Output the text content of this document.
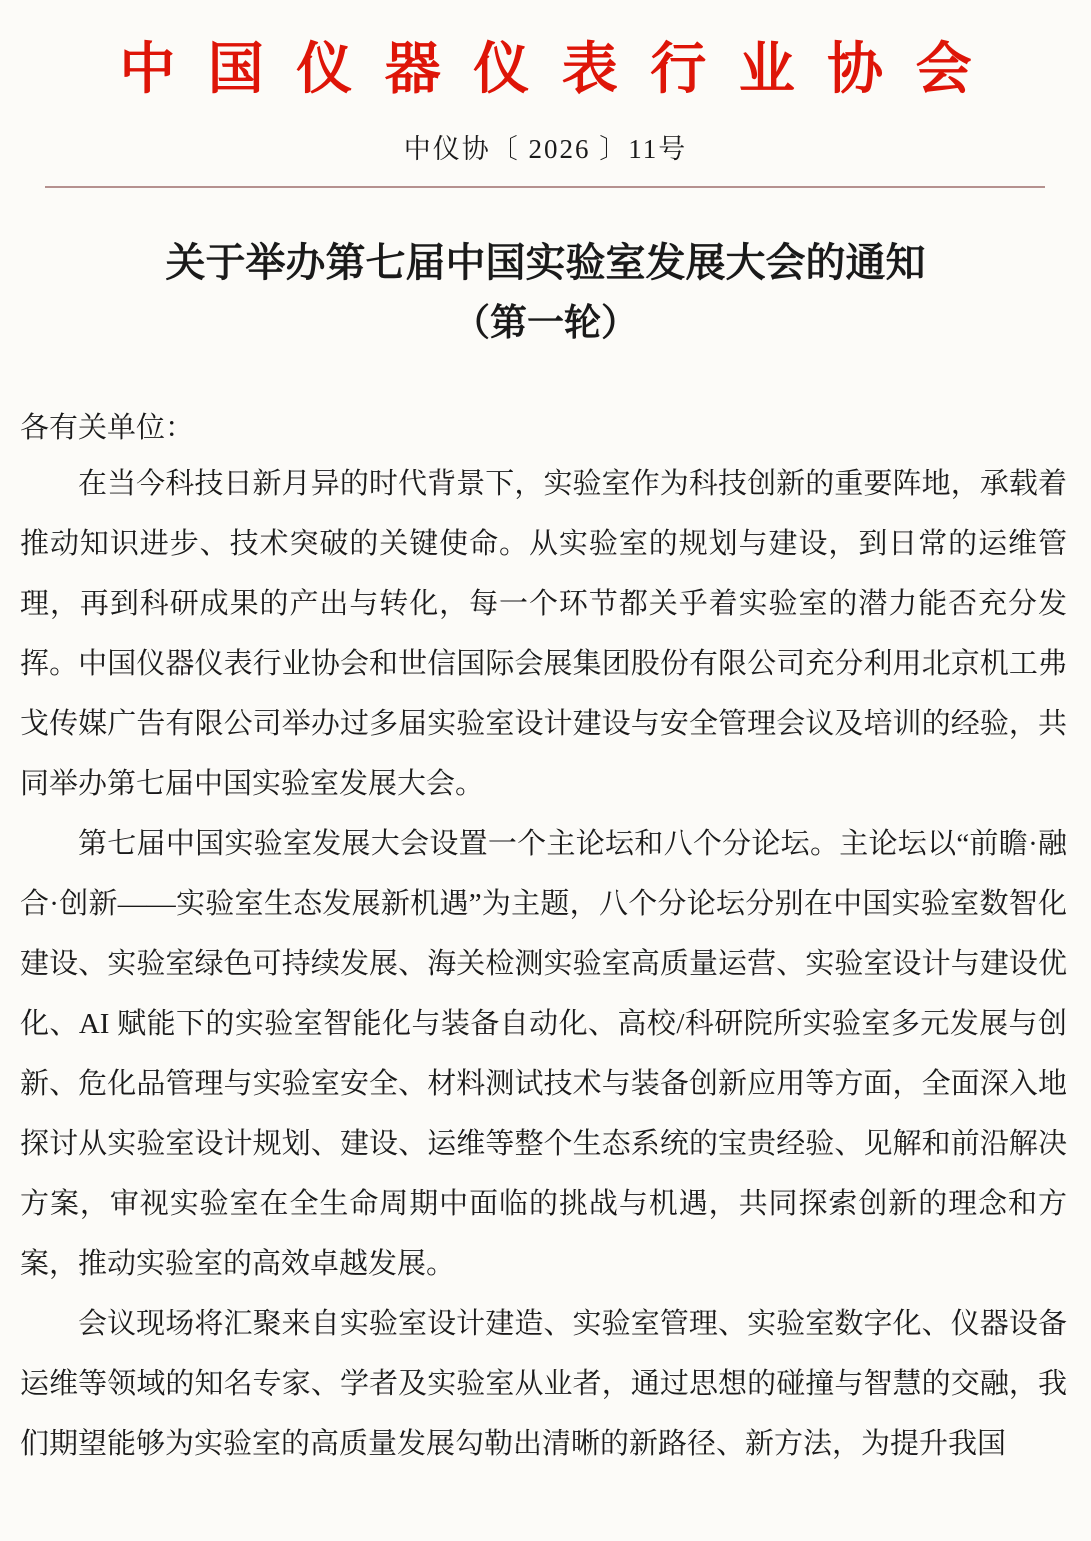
中国仪器仪表行业协会
中仪协〔 2026 〕11号
关于举办第七届中国实验室发展大会的通知
（第一轮）
各有关单位：

在当今科技日新月异的时代背景下，实验室作为科技创新的重要阵地，承载着推动知识进步、技术突破的关键使命。从实验室的规划与建设，到日常的运维管理，再到科研成果的产出与转化，每一个环节都关乎着实验室的潜力能否充分发挥。中国仪器仪表行业协会和世信国际会展集团股份有限公司充分利用北京机工弗戈传媒广告有限公司举办过多届实验室设计建设与安全管理会议及培训的经验，共同举办第七届中国实验室发展大会。

第七届中国实验室发展大会设置一个主论坛和八个分论坛。主论坛以“前瞻·融合·创新——实验室生态发展新机遇”为主题，八个分论坛分别在中国实验室数智化建设、实验室绿色可持续发展、海关检测实验室高质量运营、实验室设计与建设优化、AI 赋能下的实验室智能化与装备自动化、高校/科研院所实验室多元发展与创新、危化品管理与实验室安全、材料测试技术与装备创新应用等方面，全面深入地探讨从实验室设计规划、建设、运维等整个生态系统的宝贵经验、见解和前沿解决方案，审视实验室在全生命周期中面临的挑战与机遇，共同探索创新的理念和方案，推动实验室的高效卓越发展。

会议现场将汇聚来自实验室设计建造、实验室管理、实验室数字化、仪器设备运维等领域的知名专家、学者及实验室从业者，通过思想的碰撞与智慧的交融，我们期望能够为实验室的高质量发展勾勒出清晰的新路径、新方法，为提升我国
